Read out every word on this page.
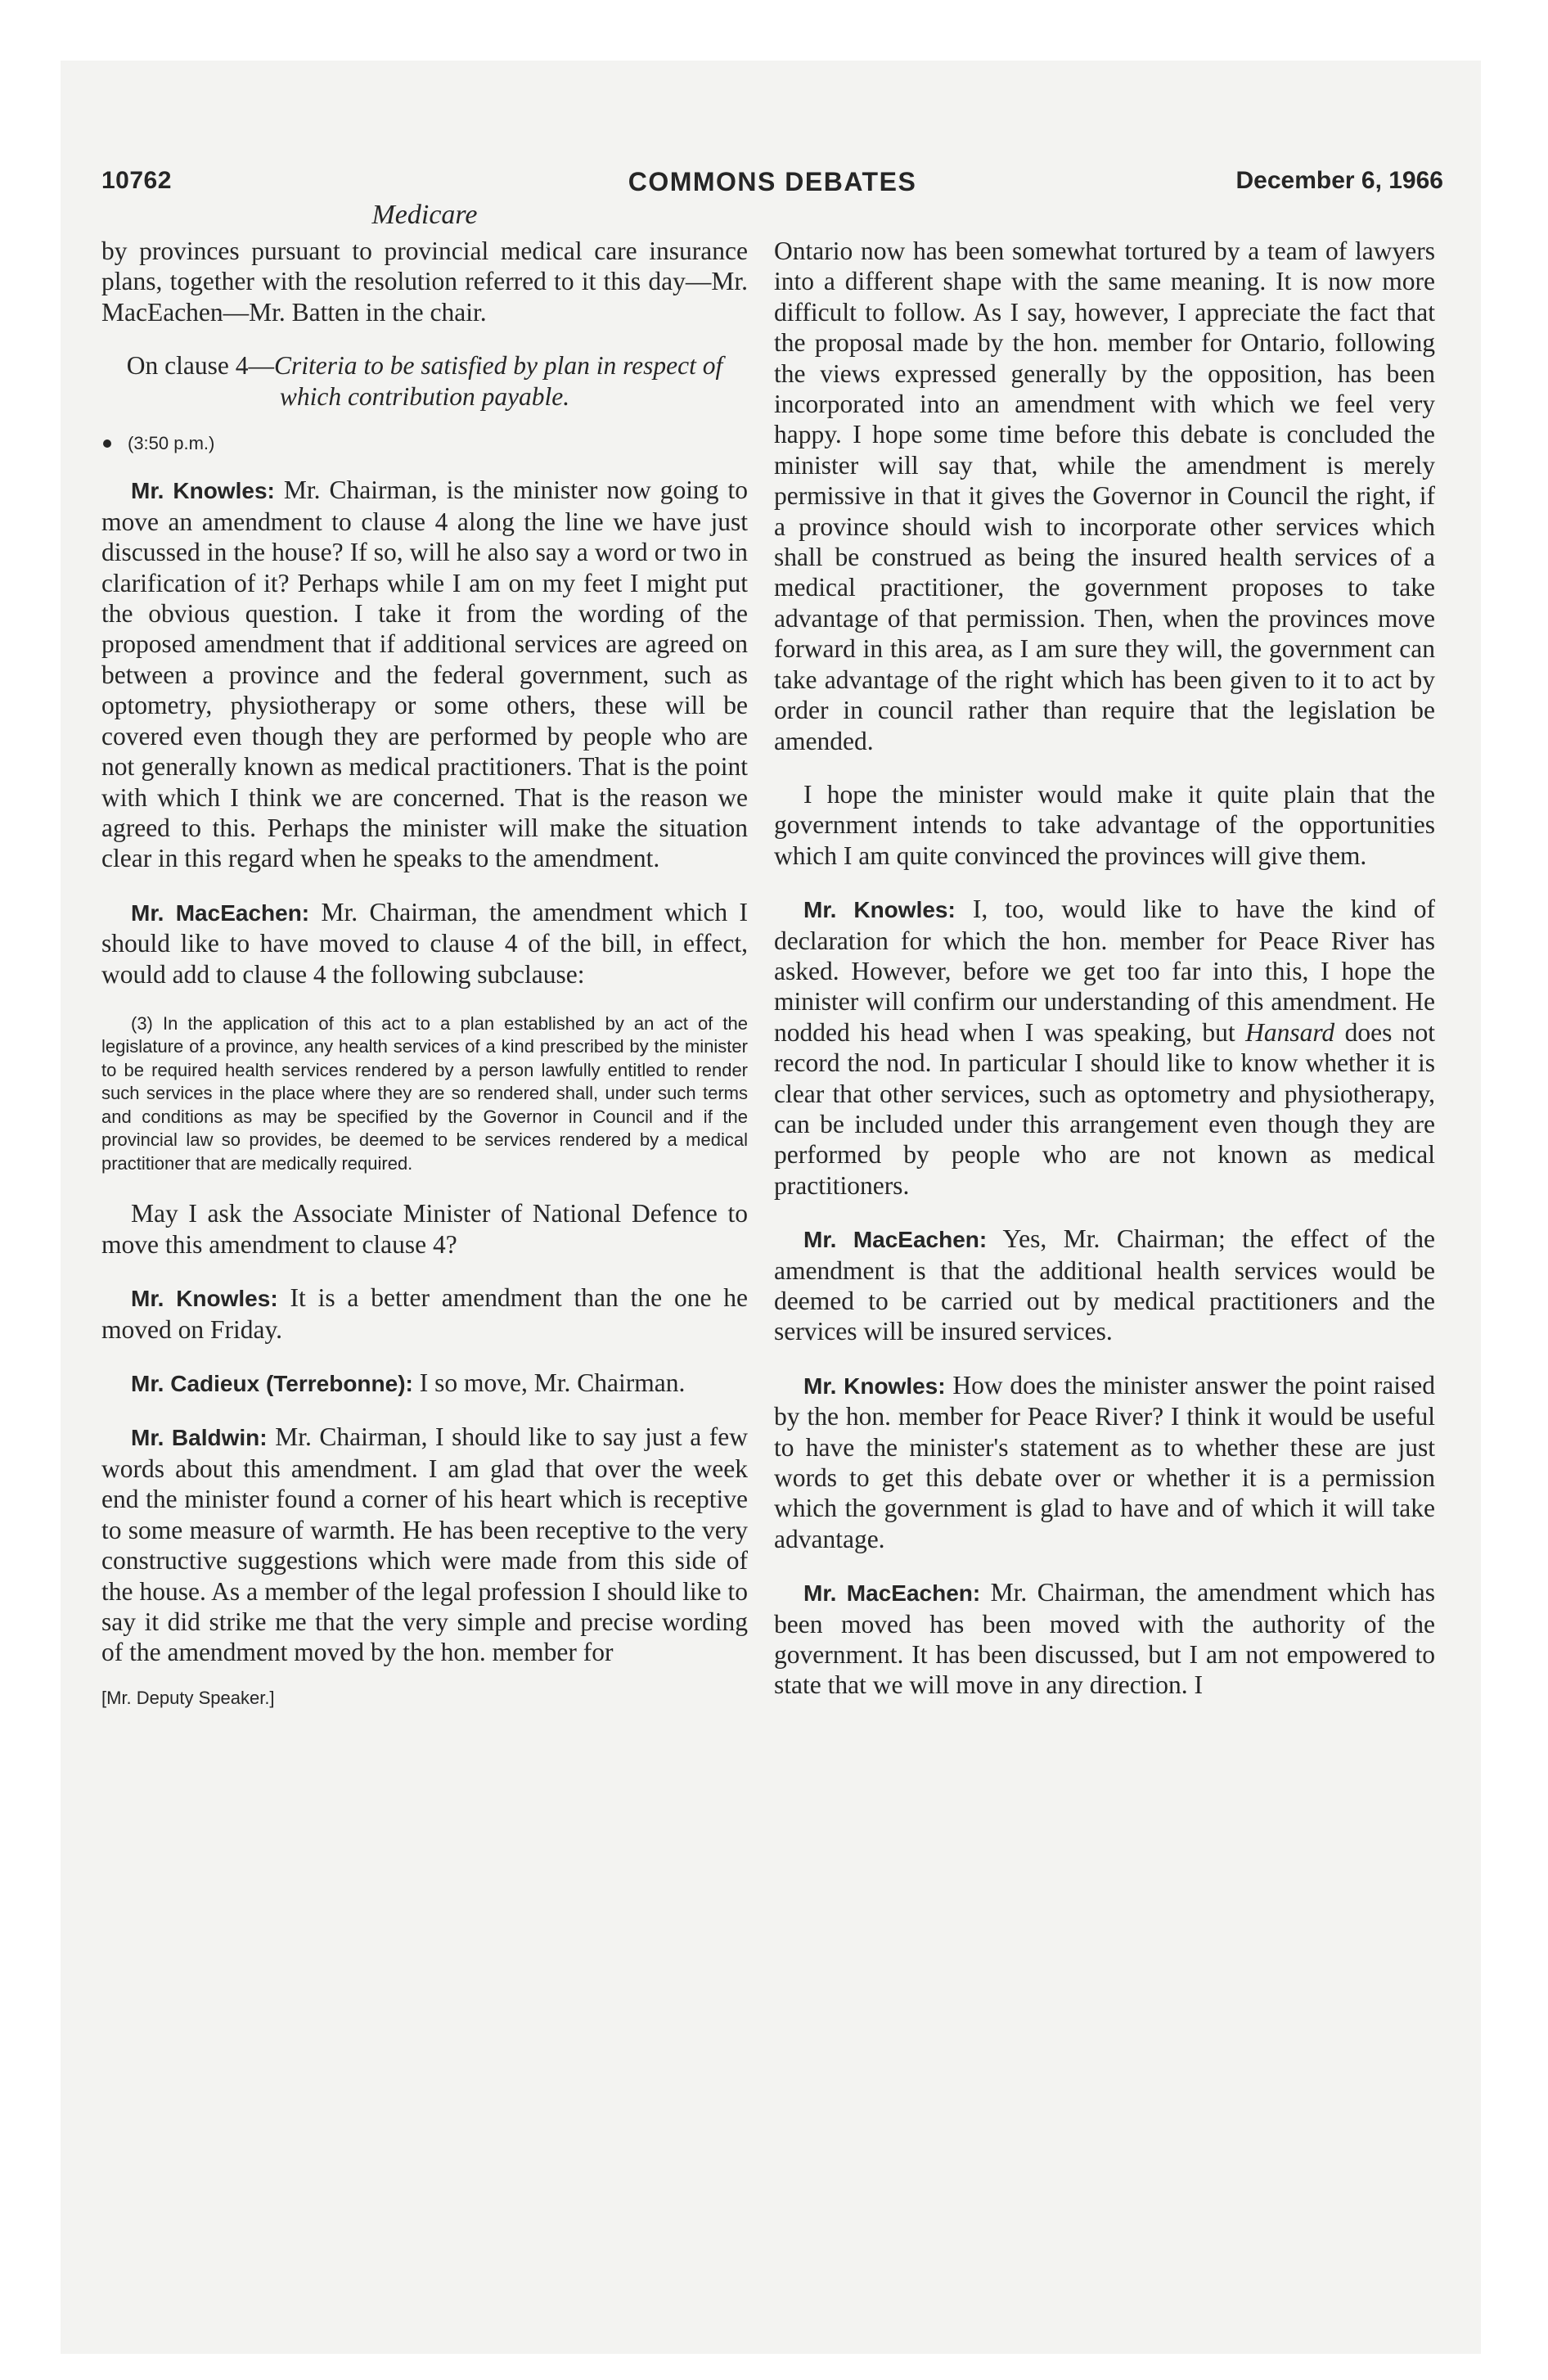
10762	COMMONS DEBATES	December 6, 1966
Medicare

by provinces pursuant to provincial medical care insurance plans, together with the resolution referred to it this day—Mr. MacEachen—Mr. Batten in the chair.

On clause 4—Criteria to be satisfied by plan in respect of which contribution payable.

(3:50 p.m.)

Mr. Knowles: Mr. Chairman, is the minister now going to move an amendment to clause 4 along the line we have just discussed in the house? If so, will he also say a word or two in clarification of it? Perhaps while I am on my feet I might put the obvious question. I take it from the wording of the proposed amendment that if additional services are agreed on between a province and the federal government, such as optometry, physiotherapy or some others, these will be covered even though they are performed by people who are not generally known as medical practitioners. That is the point with which I think we are concerned. That is the reason we agreed to this. Perhaps the minister will make the situation clear in this regard when he speaks to the amendment.

Mr. MacEachen: Mr. Chairman, the amendment which I should like to have moved to clause 4 of the bill, in effect, would add to clause 4 the following subclause:

(3) In the application of this act to a plan established by an act of the legislature of a province, any health services of a kind prescribed by the minister to be required health services rendered by a person lawfully entitled to render such services in the place where they are so rendered shall, under such terms and conditions as may be specified by the Governor in Council and if the provincial law so provides, be deemed to be services rendered by a medical practitioner that are medically required.

May I ask the Associate Minister of National Defence to move this amendment to clause 4?

Mr. Knowles: It is a better amendment than the one he moved on Friday.

Mr. Cadieux (Terrebonne): I so move, Mr. Chairman.

Mr. Baldwin: Mr. Chairman, I should like to say just a few words about this amendment. I am glad that over the week end the minister found a corner of his heart which is receptive to some measure of warmth. He has been receptive to the very constructive suggestions which were made from this side of the house. As a member of the legal profession I should like to say it did strike me that the very simple and precise wording of the amendment moved by the hon. member for

[Mr. Deputy Speaker.]

Ontario now has been somewhat tortured by a team of lawyers into a different shape with the same meaning. It is now more difficult to follow. As I say, however, I appreciate the fact that the proposal made by the hon. member for Ontario, following the views expressed generally by the opposition, has been incorporated into an amendment with which we feel very happy. I hope some time before this debate is concluded the minister will say that, while the amendment is merely permissive in that it gives the Governor in Council the right, if a province should wish to incorporate other services which shall be construed as being the insured health services of a medical practitioner, the government proposes to take advantage of that permission. Then, when the provinces move forward in this area, as I am sure they will, the government can take advantage of the right which has been given to it to act by order in council rather than require that the legislation be amended.

I hope the minister would make it quite plain that the government intends to take advantage of the opportunities which I am quite convinced the provinces will give them.

Mr. Knowles: I, too, would like to have the kind of declaration for which the hon. member for Peace River has asked. However, before we get too far into this, I hope the minister will confirm our understanding of this amendment. He nodded his head when I was speaking, but Hansard does not record the nod. In particular I should like to know whether it is clear that other services, such as optometry and physiotherapy, can be included under this arrangement even though they are performed by people who are not known as medical practitioners.

Mr. MacEachen: Yes, Mr. Chairman; the effect of the amendment is that the additional health services would be deemed to be carried out by medical practitioners and the services will be insured services.

Mr. Knowles: How does the minister answer the point raised by the hon. member for Peace River? I think it would be useful to have the minister's statement as to whether these are just words to get this debate over or whether it is a permission which the government is glad to have and of which it will take advantage.

Mr. MacEachen: Mr. Chairman, the amendment which has been moved has been moved with the authority of the government. It has been discussed, but I am not empowered to state that we will move in any direction. I
